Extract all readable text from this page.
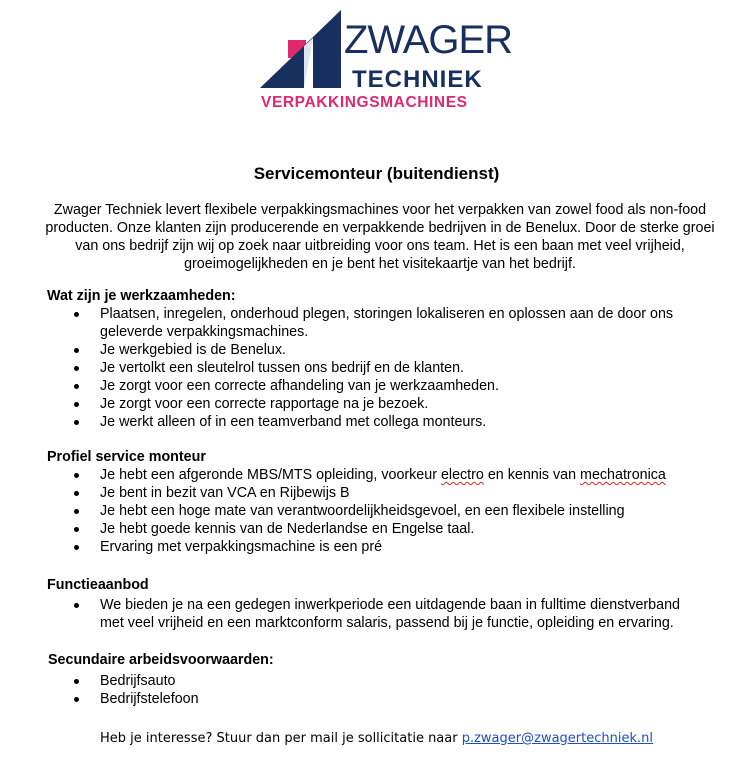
ZWAGER
TECHNIEK
VERPAKKINGSMACHINES
Servicemonteur (buitendienst)
Zwager Techniek levert flexibele verpakkingsmachines voor het verpakken van zowel food als non-food producten. Onze klanten zijn producerende en verpakkende bedrijven in de Benelux. Door de sterke groei van ons bedrijf zijn wij op zoek naar uitbreiding voor ons team. Het is een baan met veel vrijheid, groeimogelijkheden en je bent het visitekaartje van het bedrijf.
Wat zijn je werkzaamheden:
Plaatsen, inregelen, onderhoud plegen, storingen lokaliseren en oplossen aan de door ons geleverde verpakkingsmachines.
Je werkgebied is de Benelux.
Je vertolkt een sleutelrol tussen ons bedrijf en de klanten.
Je zorgt voor een correcte afhandeling van je werkzaamheden.
Je zorgt voor een correcte rapportage na je bezoek.
Je werkt alleen of in een teamverband met collega monteurs.
Profiel service monteur
Je hebt een afgeronde MBS/MTS opleiding, voorkeur electro en kennis van mechatronica
Je bent in bezit van VCA en Rijbewijs B
Je hebt een hoge mate van verantwoordelijkheidsgevoel, en een flexibele instelling
Je hebt goede kennis van de Nederlandse en Engelse taal.
Ervaring met verpakkingsmachine is een pré
Functieaanbod
We bieden je na een gedegen inwerkperiode een uitdagende baan in fulltime dienstverband met veel vrijheid en een marktconform salaris, passend bij je functie, opleiding en ervaring.
Secundaire arbeidsvoorwaarden:
Bedrijfsauto
Bedrijfstelefoon
Heb je interesse? Stuur dan per mail je sollicitatie naar p.zwager@zwagertechniek.nl
